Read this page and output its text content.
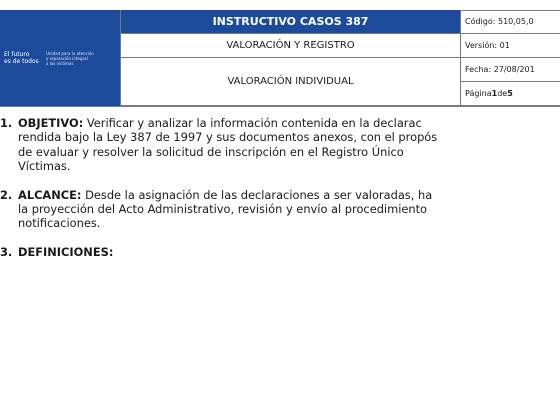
El futuro
es de todos
Unidad para la atención
y reparación integral
a las víctimas
INSTRUCTIVO CASOS 387
VALORACIÓN Y REGISTRO
VALORACIÓN INDIVIDUAL
Código: 510,05,0
Versión: 01
Fecha: 27/08/201
Página 1 de 5
1. OBJETIVO: Verificar y analizar la información contenida en la declarac
rendida bajo la Ley 387 de 1997 y sus documentos anexos, con el propós
de evaluar y resolver la solicitud de inscripción en el Registro Único
Víctimas.
2. ALCANCE: Desde la asignación de las declaraciones a ser valoradas, ha
la proyección del Acto Administrativo, revisión y envío al procedimiento
notificaciones.
3. DEFINICIONES:
